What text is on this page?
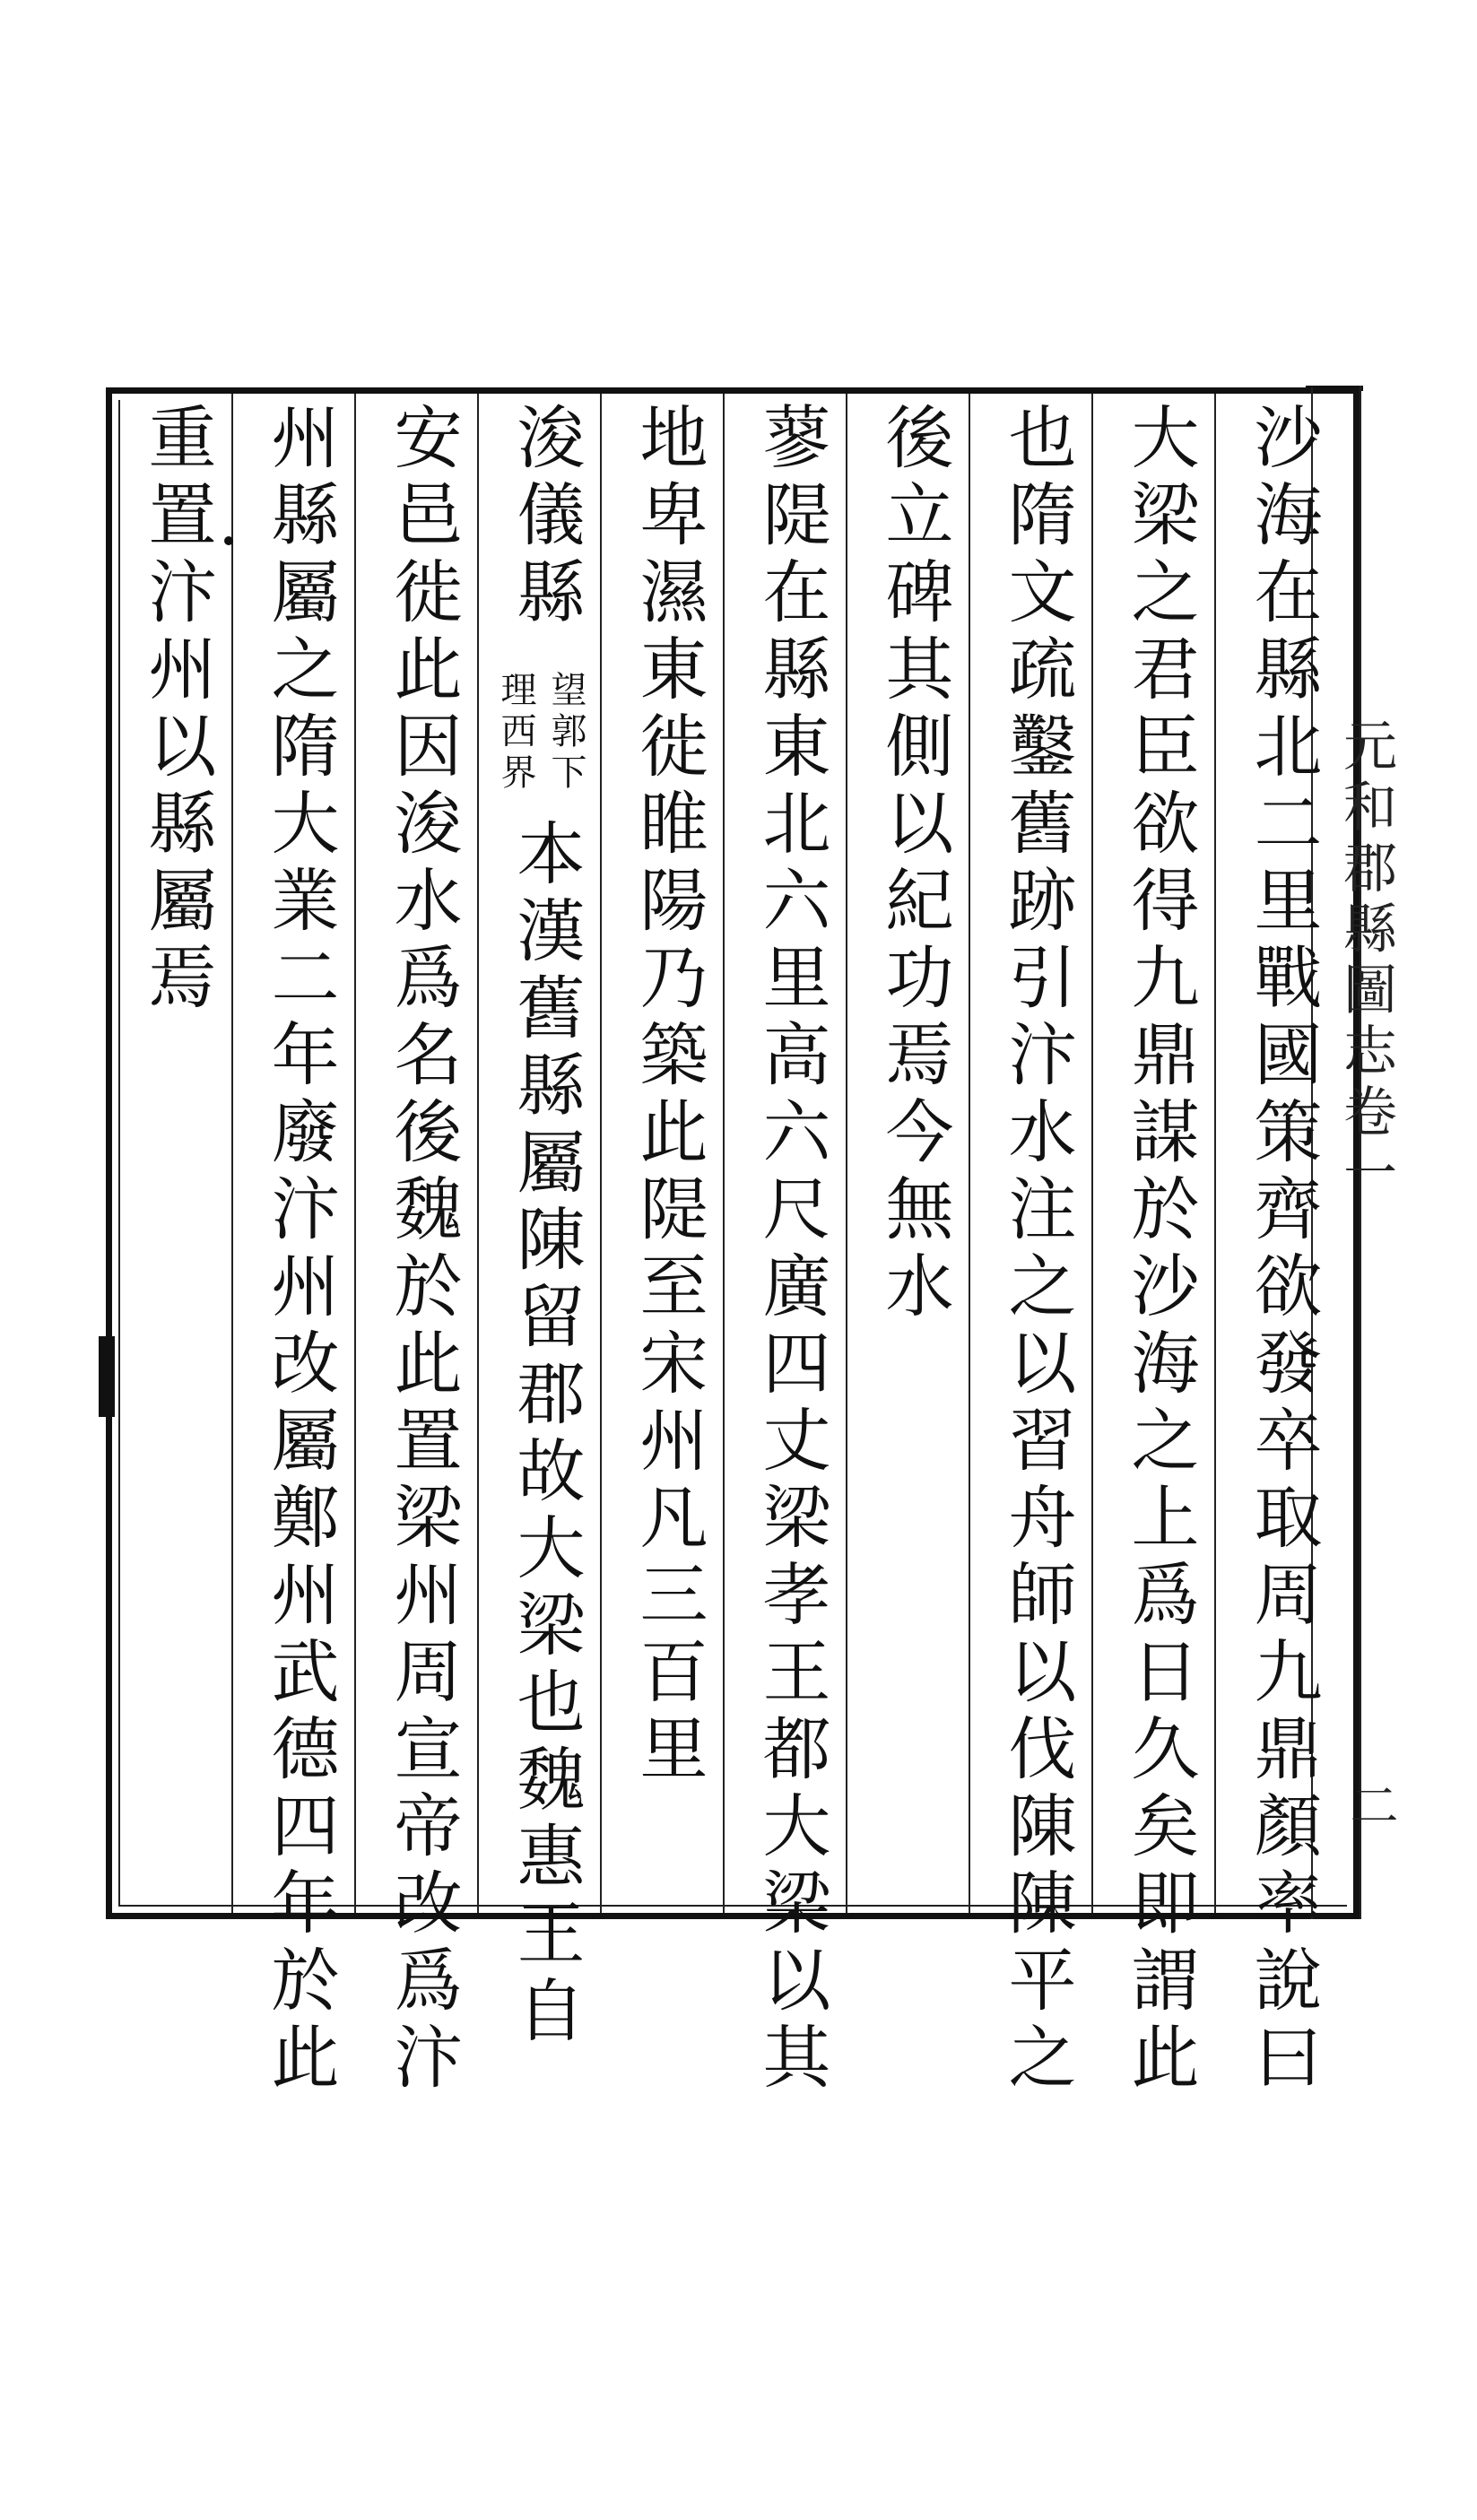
元和郡縣圖志卷一
二
沙海在縣北二里戰國策齊欲發卒取周九鼎顏率說曰
大梁之君臣欲得九鼎謀於沙海之上爲日久矣即謂此
也隋文疏鑿舊跡引汴水注之以習舟師以伐陳陳平之
後立碑其側以紀功焉今無水
蓼隄在縣東北六里高六尺廣四丈梁孝王都大梁以其
地卑濕東徙睢陽乃築此隄至宋州凡三百里
浚儀縣
望郭下
理西界
本漢舊縣屬陳留郡故大梁也魏惠王自
安邑徙此因浚水爲名後魏於此置梁州周宣帝改爲汴
州縣屬之隋大業二年廢汴州改屬鄭州武德四年於此
重置汴州以縣屬焉
